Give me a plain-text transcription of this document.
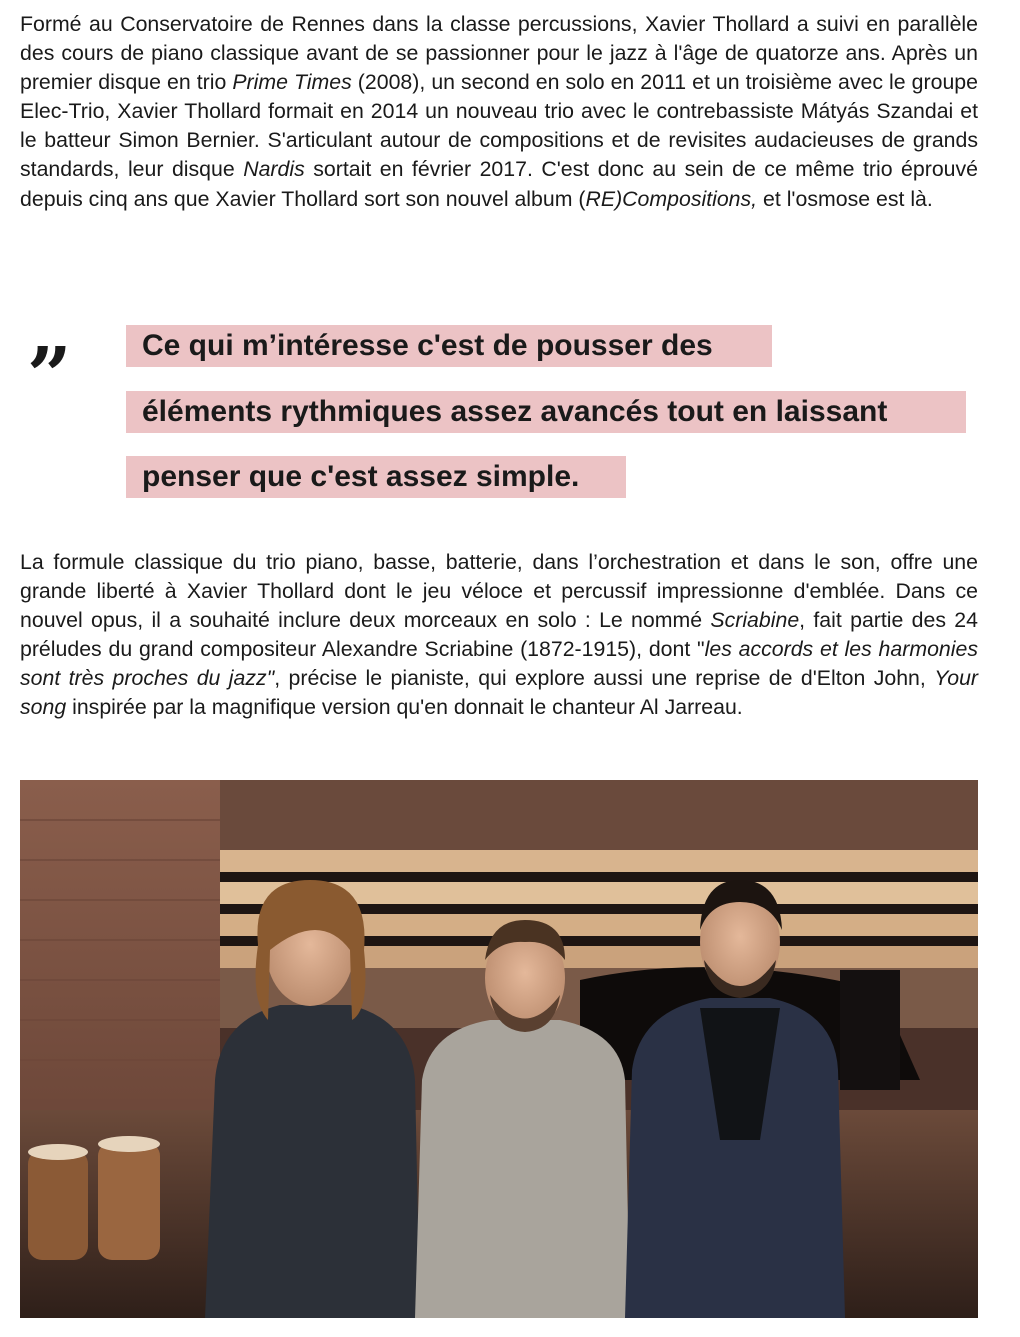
Formé au Conservatoire de Rennes dans la classe percussions, Xavier Thollard a suivi en parallèle des cours de piano classique avant de se passionner pour le jazz à l'âge de quatorze ans. Après un premier disque en trio Prime Times (2008), un second en solo en 2011 et un troisième avec le groupe Elec-Trio, Xavier Thollard formait en 2014 un nouveau trio avec le contrebassiste Mátyás Szandai et le batteur Simon Bernier. S'articulant autour de compositions et de revisites audacieuses de grands standards, leur disque Nardis sortait en février 2017. C'est donc au sein de ce même trio éprouvé depuis cinq ans que Xavier Thollard sort son nouvel album (RE)Compositions, et l'osmose est là.

“	Ce qui m’intéresse c'est de pousser des
éléments rythmiques assez avancés tout en laissant
penser que c'est assez simple.

La formule classique du trio piano, basse, batterie, dans l’orchestration et dans le son, offre une grande liberté à Xavier Thollard dont le jeu véloce et percussif impressionne d'emblée. Dans ce nouvel opus, il a souhaité inclure deux morceaux en solo : Le nommé Scriabine, fait partie des 24 préludes du grand compositeur Alexandre Scriabine (1872-1915), dont "les accords et les harmonies sont très proches du jazz", précise le pianiste, qui explore aussi une reprise de d'Elton John, Your song inspirée par la magnifique version qu'en donnait le chanteur Al Jarreau.
